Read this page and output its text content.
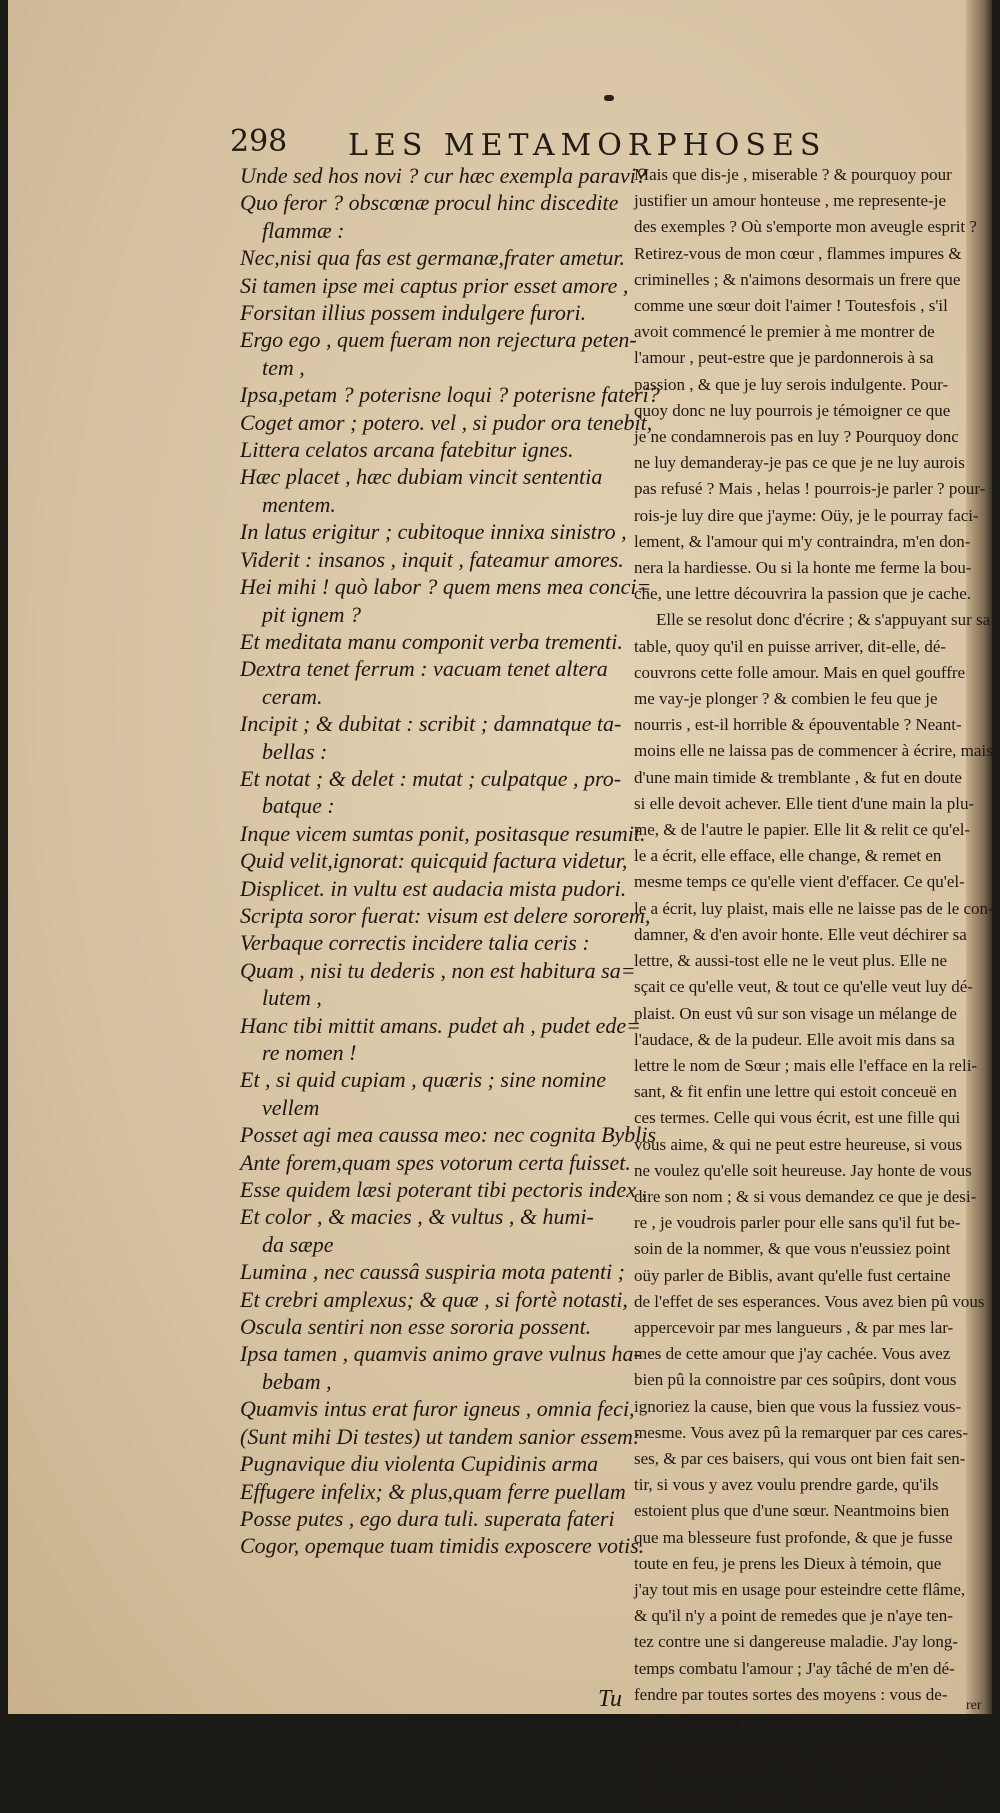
298 LES METAMORPHOSES
Unde sed hos novi ? cur hæc exempla paravi?
Quo feror ? obscœnæ procul hinc discedite
flammæ :
Nec,nisi qua fas est germanæ,frater ametur.
Si tamen ipse mei captus prior esset amore ,
Forsitan illius possem indulgere furori.
Ergo ego , quem fueram non rejectura peten-
tem ,
Ipsa,petam ? poterisne loqui ? poterisne fateri?
Coget amor ; potero. vel , si pudor ora tenebit,
Littera celatos arcana fatebitur ignes.
Hæc placet , hæc dubiam vincit sententia
mentem.
In latus erigitur ; cubitoque innixa sinistro ,
Viderit : insanos , inquit , fateamur amores.
Hei mihi ! quò labor ? quem mens mea conci=
pit ignem ?
Et meditata manu componit verba trementi.
Dextra tenet ferrum : vacuam tenet altera
ceram.
Incipit ; & dubitat : scribit ; damnatque ta-
bellas :
Et notat ; & delet : mutat ; culpatque , pro-
batque :
Inque vicem sumtas ponit, positasque resumit.
Quid velit,ignorat: quicquid factura videtur,
Displicet. in vultu est audacia mista pudori.
Scripta soror fuerat: visum est delere sororem,
Verbaque correctis incidere talia ceris :
Quam , nisi tu dederis , non est habitura sa=
lutem ,
Hanc tibi mittit amans. pudet ah , pudet ede=
re nomen !
Et , si quid cupiam , quæris ; sine nomine
vellem
Posset agi mea caussa meo: nec cognita Byblis
Ante forem,quam spes votorum certa fuisset.
Esse quidem læsi poterant tibi pectoris index ,
Et color , & macies , & vultus , & humi-
da sæpe
Lumina , nec caussâ suspiria mota patenti ;
Et crebri amplexus; & quæ , si fortè notasti,
Oscula sentiri non esse sororia possent.
Ipsa tamen , quamvis animo grave vulnus ha-
bebam ,
Quamvis intus erat furor igneus , omnia feci,
(Sunt mihi Di testes) ut tandem sanior essem:
Pugnavique diu violenta Cupidinis arma
Effugere infelix; & plus,quam ferre puellam
Posse putes , ego dura tuli. superata fateri
Cogor, opemque tuam timidis exposcere votis.
Tu
Mais que dis-je , miserable ? & pourquoy pour
justifier un amour honteuse , me represente-je
des exemples ? Où s'emporte mon aveugle esprit ?
Retirez-vous de mon cœur , flammes impures &
criminelles ; & n'aimons desormais un frere que
comme une sœur doit l'aimer ! Toutesfois , s'il
avoit commencé le premier à me montrer de
l'amour , peut-estre que je pardonnerois à sa
passion , & que je luy serois indulgente. Pour-
quoy donc ne luy pourrois je témoigner ce que
je ne condamnerois pas en luy ? Pourquoy donc
ne luy demanderay-je pas ce que je ne luy aurois
pas refusé ? Mais , helas ! pourrois-je parler ? pour-
rois-je luy dire que j'ayme: Oüy, je le pourray faci-
lement, & l'amour qui m'y contraindra, m'en don-
nera la hardiesse. Ou si la honte me ferme la bou-
che, une lettre découvrira la passion que je cache.
Elle se resolut donc d'écrire ; & s'appuyant sur sa
table, quoy qu'il en puisse arriver, dit-elle, dé-
couvrons cette folle amour. Mais en quel gouffre
me vay-je plonger ? & combien le feu que je
nourris , est-il horrible & épouventable ? Neant-
moins elle ne laissa pas de commencer à écrire, mais
d'une main timide & tremblante , & fut en doute
si elle devoit achever. Elle tient d'une main la plu-
me, & de l'autre le papier. Elle lit & relit ce qu'el-
le a écrit, elle efface, elle change, & remet en
mesme temps ce qu'elle vient d'effacer. Ce qu'el-
le a écrit, luy plaist, mais elle ne laisse pas de le con-
damner, & d'en avoir honte. Elle veut déchirer sa
lettre, & aussi-tost elle ne le veut plus. Elle ne
sçait ce qu'elle veut, & tout ce qu'elle veut luy dé-
plaist. On eust vû sur son visage un mélange de
l'audace, & de la pudeur. Elle avoit mis dans sa
lettre le nom de Sœur ; mais elle l'efface en la reli-
sant, & fit enfin une lettre qui estoit conceuë en
ces termes. Celle qui vous écrit, est une fille qui
vous aime, & qui ne peut estre heureuse, si vous
ne voulez qu'elle soit heureuse. Jay honte de vous
dire son nom ; & si vous demandez ce que je desi-
re , je voudrois parler pour elle sans qu'il fut be-
soin de la nommer, & que vous n'eussiez point
oüy parler de Biblis, avant qu'elle fust certaine
de l'effet de ses esperances. Vous avez bien pû vous
appercevoir par mes langueurs , & par mes lar-
mes de cette amour que j'ay cachée. Vous avez
bien pû la connoistre par ces soûpirs, dont vous
ignoriez la cause, bien que vous la fussiez vous-
mesme. Vous avez pû la remarquer par ces cares-
ses, & par ces baisers, qui vous ont bien fait sen-
tir, si vous y avez voulu prendre garde, qu'ils
estoient plus que d'une sœur. Neantmoins bien
que ma blesseure fust profonde, & que je fusse
toute en feu, je prens les Dieux à témoin, que
j'ay tout mis en usage pour esteindre cette flâme,
& qu'il n'y a point de remedes que je n'aye ten-
tez contre une si dangereuse maladie. J'ay long-
temps combatu l'amour ; J'ay tâché de m'en dé-
fendre par toutes sortes des moyens : vous de-
vez croire que j'ay beaucoup plus souffert, &
beaucoup plus resisté qu'il n'est possible à une
fille de resister & de souffrir. Mais enfin, je suis
contrainte de confesser ma deffaite, & d'implo-
rer
